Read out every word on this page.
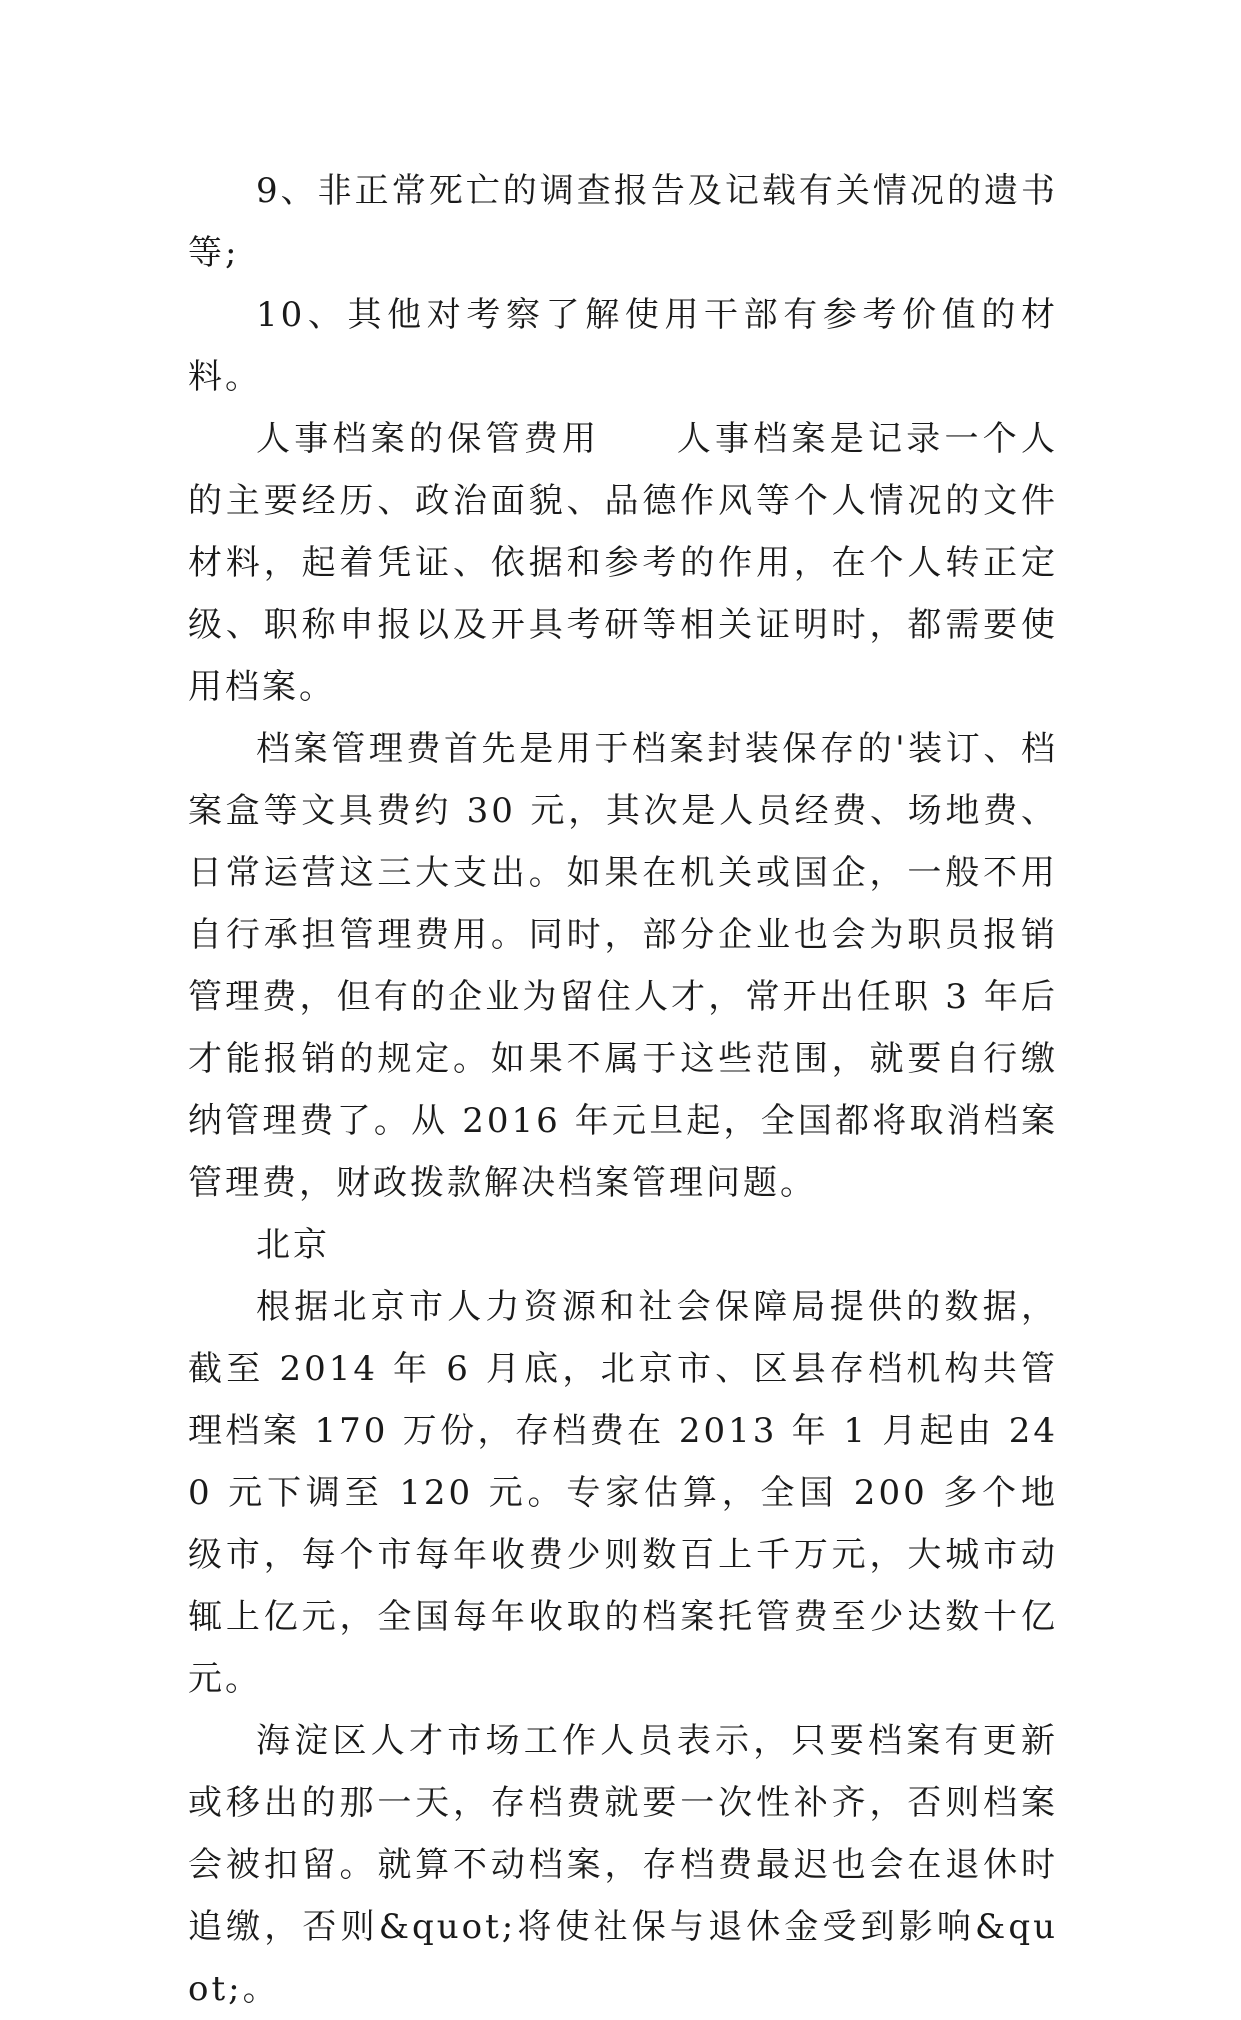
9、非正常死亡的调查报告及记载有关情况的遗书等;

10、其他对考察了解使用干部有参考价值的材料。

人事档案的保管费用　　人事档案是记录一个人的主要经历、政治面貌、品德作风等个人情况的文件材料，起着凭证、依据和参考的作用，在个人转正定级、职称申报以及开具考研等相关证明时，都需要使用档案。

档案管理费首先是用于档案封装保存的'装订、档案盒等文具费约 30 元，其次是人员经费、场地费、日常运营这三大支出。如果在机关或国企，一般不用自行承担管理费用。同时，部分企业也会为职员报销管理费，但有的企业为留住人才，常开出任职 3 年后才能报销的规定。如果不属于这些范围，就要自行缴纳管理费了。从 2016 年元旦起，全国都将取消档案管理费，财政拨款解决档案管理问题。

北京

根据北京市人力资源和社会保障局提供的数据，截至 2014 年 6 月底，北京市、区县存档机构共管理档案 170 万份，存档费在 2013 年 1 月起由 240 元下调至 120 元。专家估算，全国 200 多个地级市，每个市每年收费少则数百上千万元，大城市动辄上亿元，全国每年收取的档案托管费至少达数十亿元。

海淀区人才市场工作人员表示，只要档案有更新或移出的那一天，存档费就要一次性补齐，否则档案会被扣留。就算不动档案，存档费最迟也会在退休时追缴，否则&quot;将使社保与退休金受到影响&quot;。
